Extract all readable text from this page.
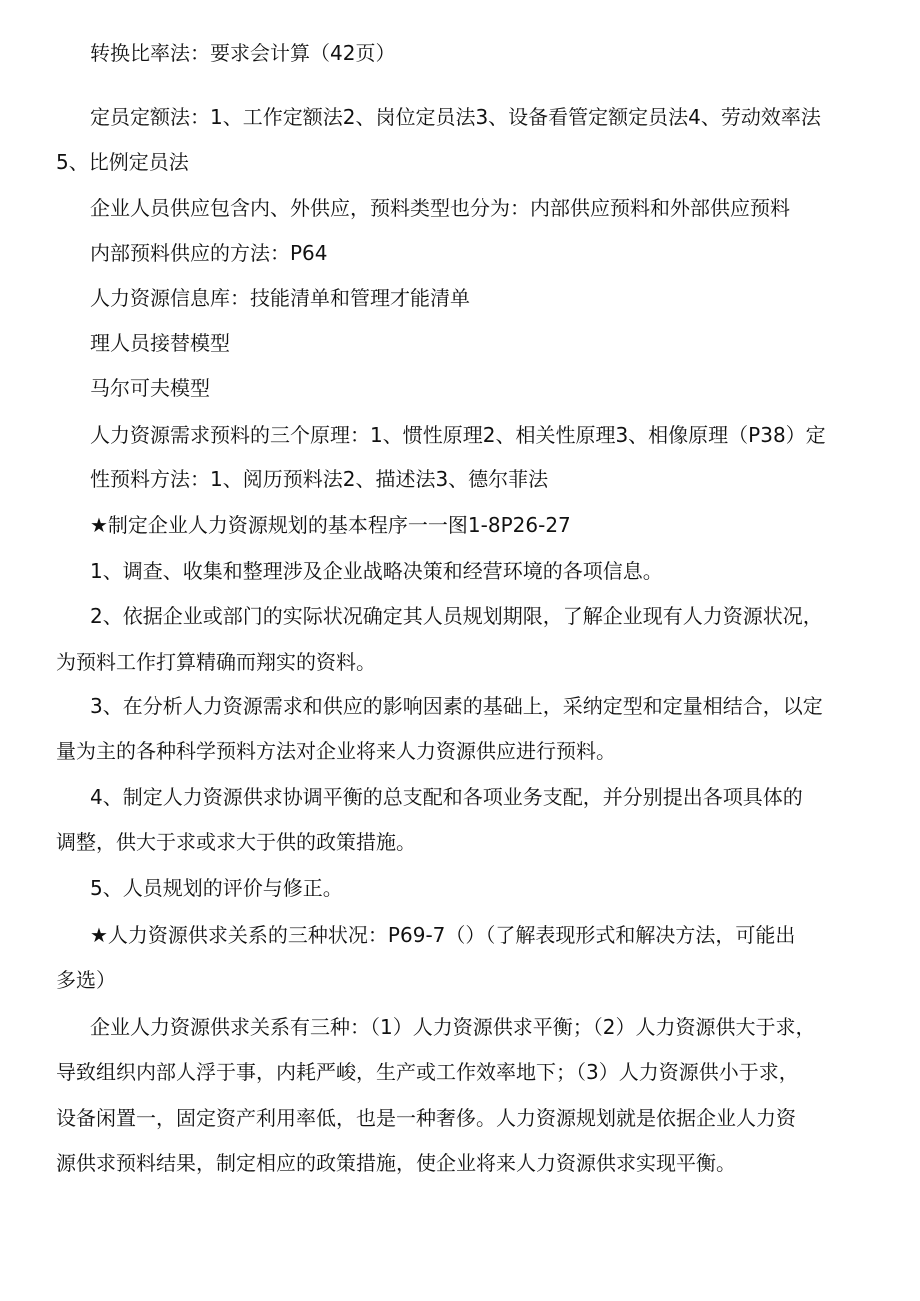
转换比率法：要求会计算（42页）
定员定额法：1、工作定额法2、岗位定员法3、设备看管定额定员法4、劳动效率法
5、比例定员法
企业人员供应包含内、外供应，预料类型也分为：内部供应预料和外部供应预料
内部预料供应的方法：P64
人力资源信息库：技能清单和管理才能清单
理人员接替模型
马尔可夫模型
人力资源需求预料的三个原理：1、惯性原理2、相关性原理3、相像原理（P38）定
性预料方法：1、阅历预料法2、描述法3、德尔菲法
★制定企业人力资源规划的基本程序一一图1-8P26-27
1、调查、收集和整理涉及企业战略决策和经营环境的各项信息。
2、依据企业或部门的实际状况确定其人员规划期限，了解企业现有人力资源状况，
为预料工作打算精确而翔实的资料。
3、在分析人力资源需求和供应的影响因素的基础上，采纳定型和定量相结合，以定
量为主的各种科学预料方法对企业将来人力资源供应进行预料。
4、制定人力资源供求协调平衡的总支配和各项业务支配，并分别提出各项具体的
调整，供大于求或求大于供的政策措施。
5、人员规划的评价与修正。
★人力资源供求关系的三种状况：P69-7（）（了解表现形式和解决方法，可能出
多选）
企业人力资源供求关系有三种：（1）人力资源供求平衡；（2）人力资源供大于求，
导致组织内部人浮于事，内耗严峻，生产或工作效率地下；（3）人力资源供小于求，
设备闲置一，固定资产利用率低，也是一种奢侈。人力资源规划就是依据企业人力资
源供求预料结果，制定相应的政策措施，使企业将来人力资源供求实现平衡。
